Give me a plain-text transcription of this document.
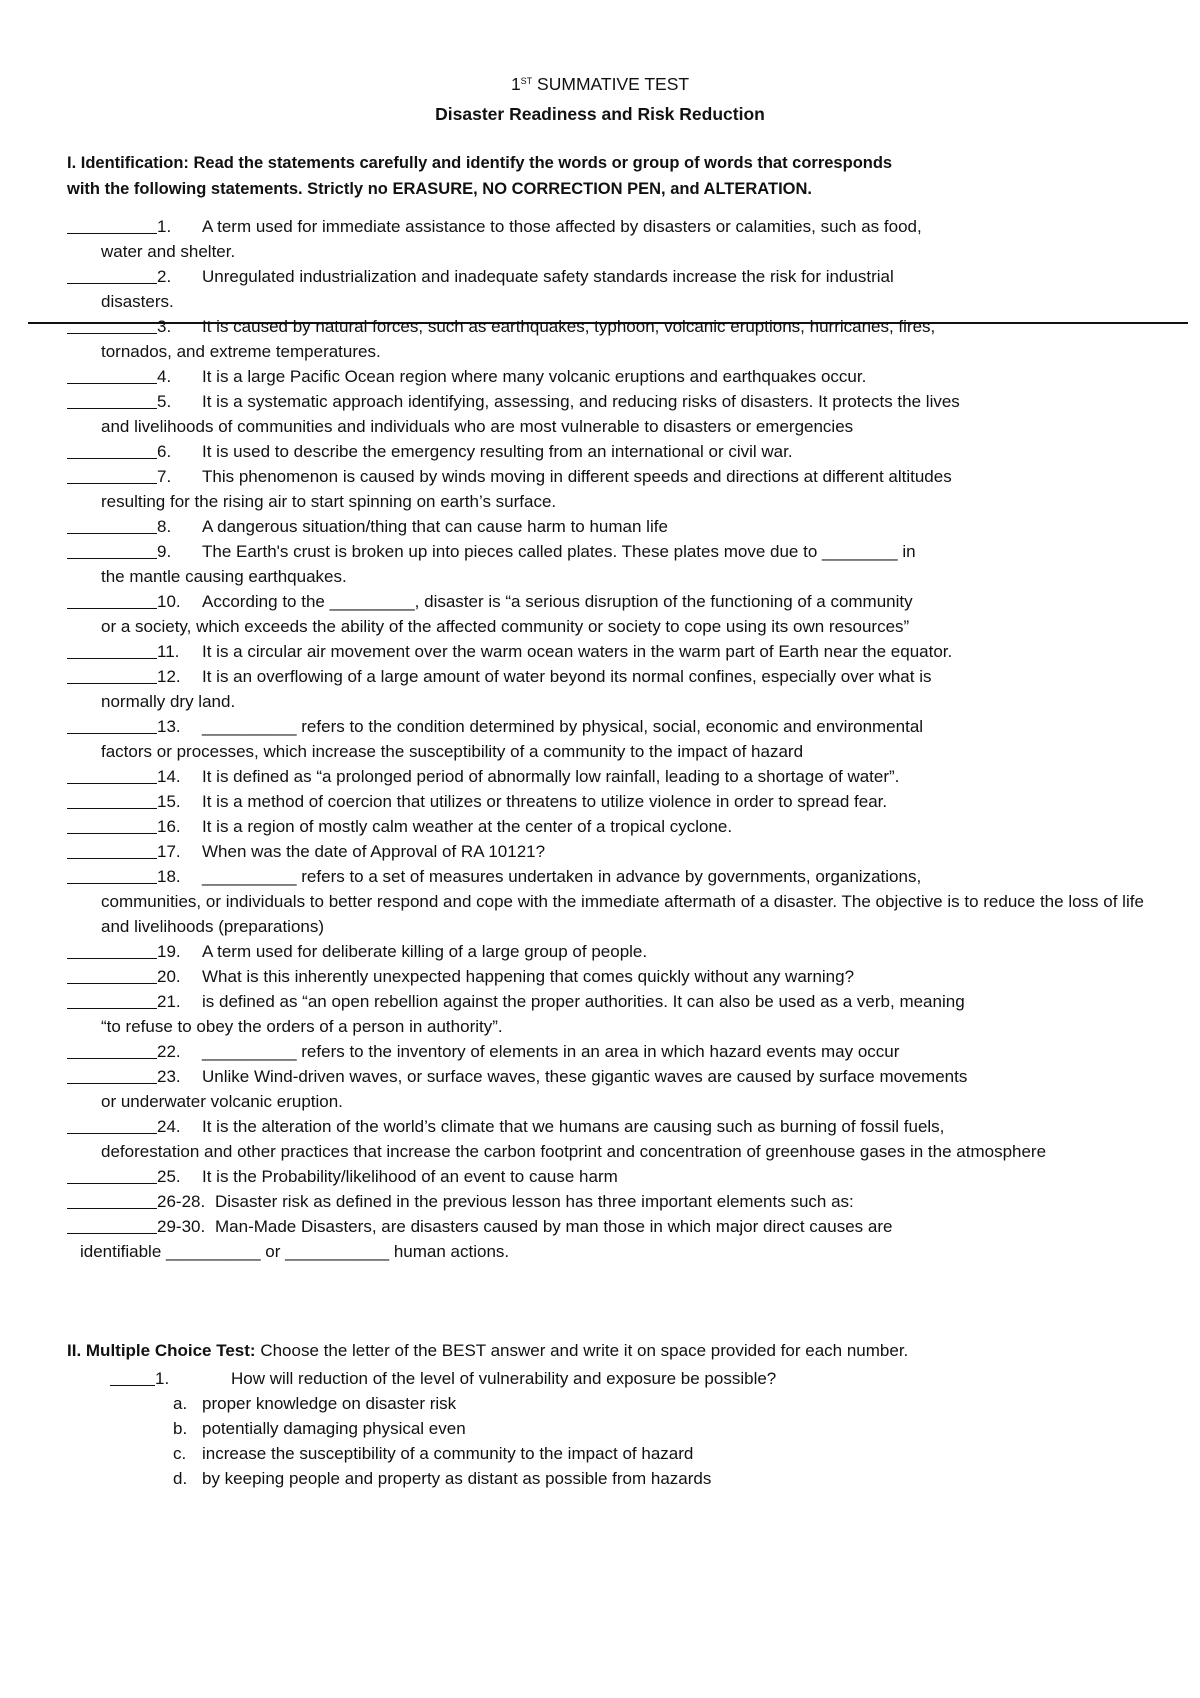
1ST SUMMATIVE TEST
Disaster Readiness and Risk Reduction
I. Identification: Read the statements carefully and identify the words or group of words that corresponds
with the following statements. Strictly no ERASURE, NO CORRECTION PEN, and ALTERATION.
1. A term used for immediate assistance to those affected by disasters or calamities, such as food,
water and shelter.
2. Unregulated industrialization and inadequate safety standards increase the risk for industrial
disasters.
3. It is caused by natural forces, such as earthquakes, typhoon, volcanic eruptions, hurricanes, fires,
tornados, and extreme temperatures.
4. It is a large Pacific Ocean region where many volcanic eruptions and earthquakes occur.
5. It is a systematic approach identifying, assessing, and reducing risks of disasters. It protects the lives
and livelihoods of communities and individuals who are most vulnerable to disasters or emergencies
6. It is used to describe the emergency resulting from an international or civil war.
7. This phenomenon is caused by winds moving in different speeds and directions at different altitudes
resulting for the rising air to start spinning on earth’s surface.
8. A dangerous situation/thing that can cause harm to human life
9. The Earth's crust is broken up into pieces called plates. These plates move due to ________ in
the mantle causing earthquakes.
10. According to the _________, disaster is “a serious disruption of the functioning of a community
or a society, which exceeds the ability of the affected community or society to cope using its own resources”
11. It is a circular air movement over the warm ocean waters in the warm part of Earth near the equator.
12. It is an overflowing of a large amount of water beyond its normal confines, especially over what is
normally dry land.
13. __________ refers to the condition determined by physical, social, economic and environmental
factors or processes, which increase the susceptibility of a community to the impact of hazard
14. It is defined as “a prolonged period of abnormally low rainfall, leading to a shortage of water”.
15. It is a method of coercion that utilizes or threatens to utilize violence in order to spread fear.
16. It is a region of mostly calm weather at the center of a tropical cyclone.
17. When was the date of Approval of RA 10121?
18. __________ refers to a set of measures undertaken in advance by governments, organizations,
communities, or individuals to better respond and cope with the immediate aftermath of a disaster. The objective is to reduce the loss of life and livelihoods (preparations)
19. A term used for deliberate killing of a large group of people.
20. What is this inherently unexpected happening that comes quickly without any warning?
21. is defined as “an open rebellion against the proper authorities. It can also be used as a verb, meaning
“to refuse to obey the orders of a person in authority”.
22. __________ refers to the inventory of elements in an area in which hazard events may occur
23. Unlike Wind-driven waves, or surface waves, these gigantic waves are caused by surface movements
or underwater volcanic eruption.
24. It is the alteration of the world’s climate that we humans are causing such as burning of fossil fuels,
deforestation and other practices that increase the carbon footprint and concentration of greenhouse gases in the atmosphere
25. It is the Probability/likelihood of an event to cause harm
26-28. Disaster risk as defined in the previous lesson has three important elements such as:
29-30. Man-Made Disasters, are disasters caused by man those in which major direct causes are
identifiable __________ or ___________ human actions.
II. Multiple Choice Test: Choose the letter of the BEST answer and write it on space provided for each number.
1.	How will reduction of the level of vulnerability and exposure be possible?
a. proper knowledge on disaster risk
b. potentially damaging physical even
c. increase the susceptibility of a community to the impact of hazard
d. by keeping people and property as distant as possible from hazards
